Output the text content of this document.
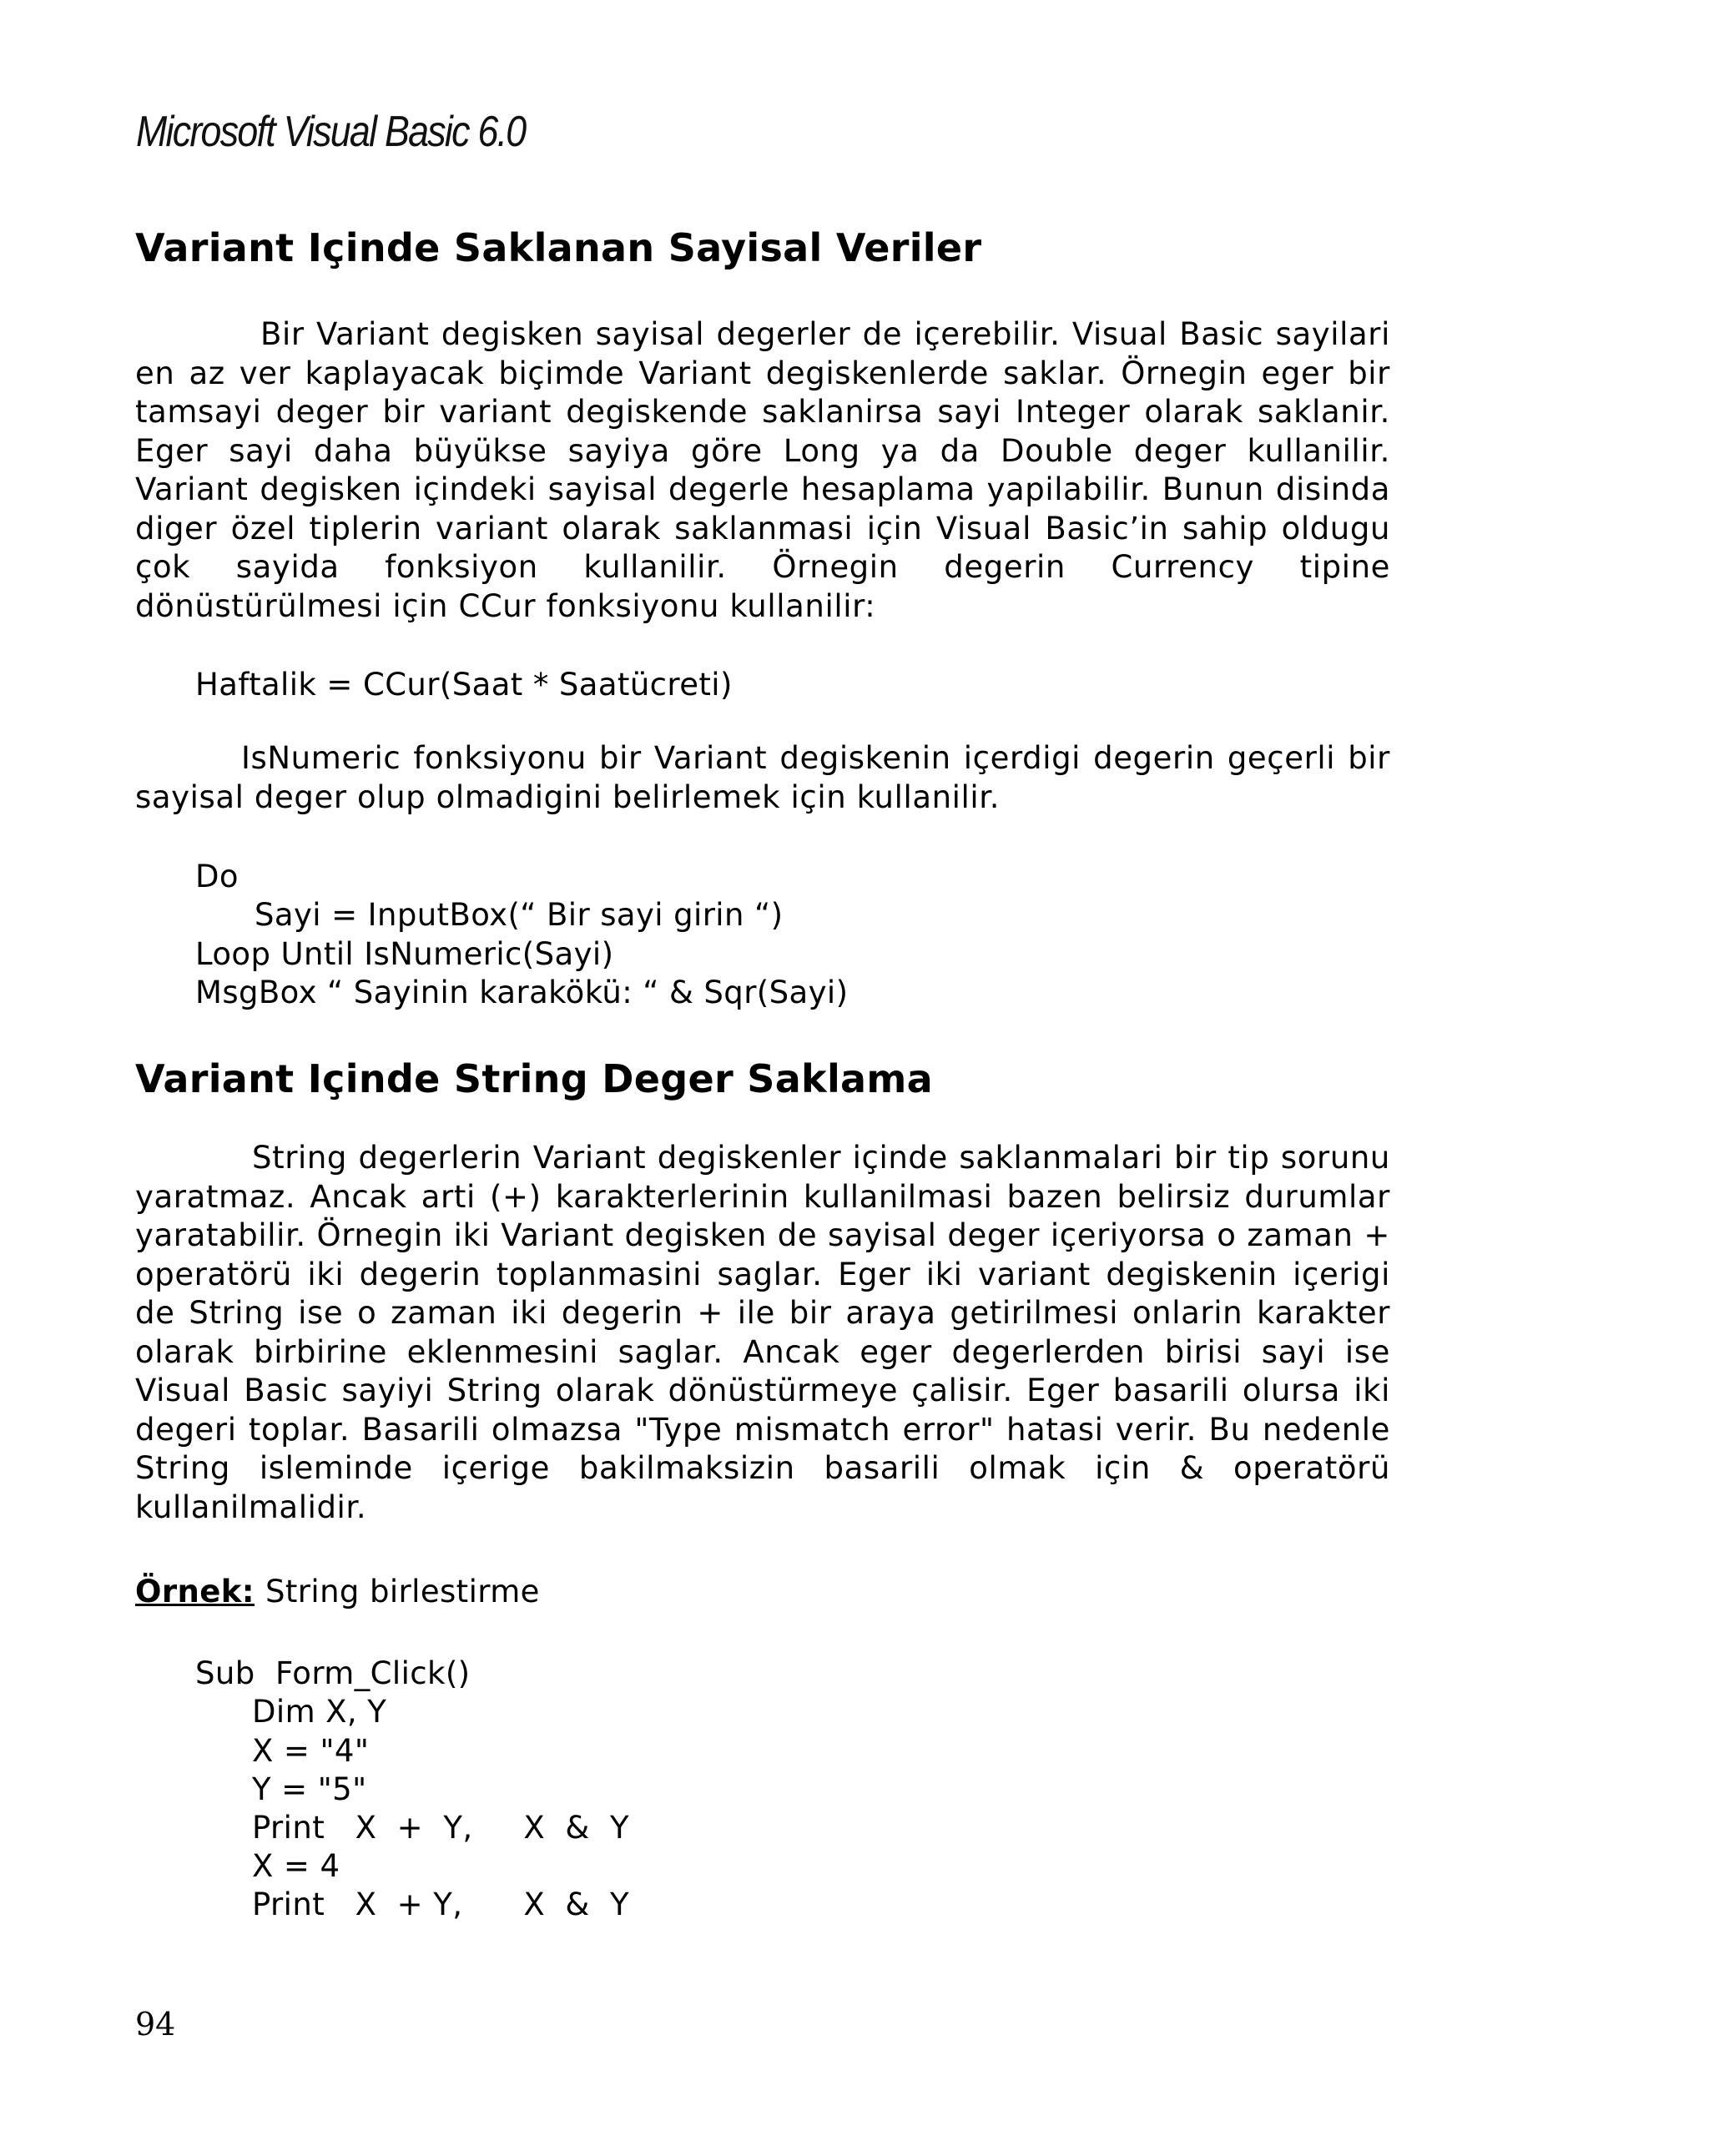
Microsoft Visual Basic 6.0
Variant Içinde Saklanan Sayisal Veriler

Bir Variant degisken sayisal degerler de içerebilir. Visual Basic sayilari en az ver kaplayacak biçimde Variant degiskenlerde saklar. Örnegin eger bir tamsayi deger bir variant degiskende saklanirsa sayi Integer olarak saklanir. Eger sayi daha büyükse sayiya göre Long ya da Double deger kullanilir. Variant degisken içindeki sayisal degerle hesaplama yapilabilir. Bunun disinda diger özel tiplerin variant olarak saklanmasi için Visual Basic’in sahip oldugu çok sayida fonksiyon kullanilir. Örnegin degerin Currency tipine dönüstürülmesi için CCur fonksiyonu kullanilir:

Haftalik = CCur(Saat * Saatücreti)

IsNumeric fonksiyonu bir Variant degiskenin içerdigi degerin geçerli bir sayisal deger olup olmadigini belirlemek için kullanilir.

Do
Sayi = InputBox(“ Bir sayi girin “)
Loop Until IsNumeric(Sayi)
MsgBox “ Sayinin karakökü: “ & Sqr(Sayi)
Variant Içinde String Deger Saklama

String degerlerin Variant degiskenler içinde saklanmalari bir tip sorunu yaratmaz. Ancak arti (+) karakterlerinin kullanilmasi bazen belirsiz durumlar yaratabilir. Örnegin iki Variant degisken de sayisal deger içeriyorsa o zaman + operatörü iki degerin toplanmasini saglar. Eger iki variant degiskenin içerigi de String ise o zaman iki degerin + ile bir araya getirilmesi onlarin karakter olarak birbirine eklenmesini saglar. Ancak eger degerlerden birisi sayi ise Visual Basic sayiyi String olarak dönüstürmeye çalisir. Eger basarili olursa iki degeri toplar. Basarili olmazsa "Type mismatch error" hatasi verir. Bu nedenle String isleminde içerige bakilmaksizin basarili olmak için & operatörü kullanilmalidir.

Örnek: String birlestirme
Sub  Form_Click()
Dim X, Y
X = "4"
Y = "5"
Print   X  +  Y,     X  &  Y
X = 4
Print   X  + Y,      X  &  Y
94
